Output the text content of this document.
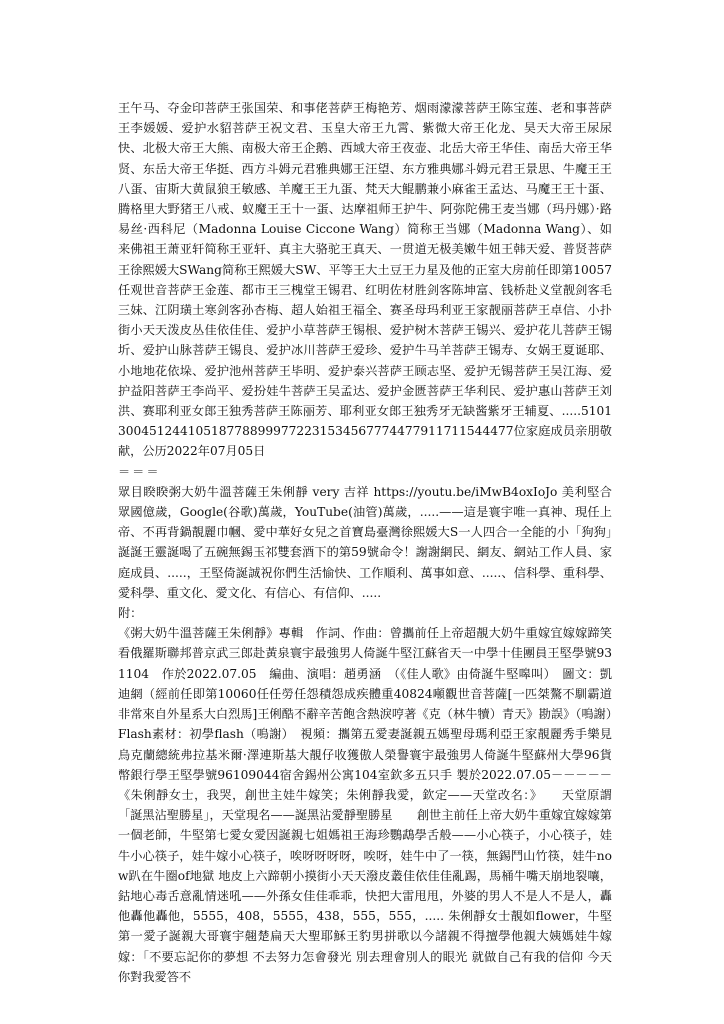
王午马、夺金印菩萨王张国荣、和事佬菩萨王梅艳芳、烟雨濛濛菩萨王陈宝莲、老和事菩萨王李媛媛、爱护水貂菩萨王祝文君、玉皇大帝王九霄、紫微大帝王化龙、昊天大帝王尿尿快、北极大帝王大熊、南极大帝王企鹅、西域大帝王夜壶、北岳大帝王华佳、南岳大帝王华贤、东岳大帝王华挺、西方斗姆元君雅典娜王汪望、东方雅典娜斗姆元君王景思、牛魔王王八蛋、宙斯大黄鼠狼王敏感、羊魔王王九蛋、梵天大鲲鹏兼小麻雀王孟达、马魔王王十蛋、腾格里大野猪王八戒、蚁魔王王十一蛋、达摩祖师王护牛、阿弥陀佛王麦当娜（玛丹娜）·路易丝·西科尼（Madonna Louise Ciccone Wang）简称王当娜（Madonna Wang）、如来佛祖王萧亚轩简称王亚轩、真主大骆驼王真天、一贯道无极美嫩牛妞王韩天爱、普贤菩萨王徐熙媛大SWang简称王熙媛大SW、平等王大土豆王力星及他的正室大房前任即第10057任观世音菩萨王金莲、都市王三槐堂王锡君、红明佐材胜剑客陈坤富、钱桥赴义堂靓剑客毛三妹、江阴璜土寒剑客孙杏梅、超人始祖王福全、赛圣母玛利亚王家靓丽菩萨王卓信、小扑街小天天泼皮丛佳依佳佳、爱护小草菩萨王锡根、爱护树木菩萨王锡兴、爱护花儿菩萨王锡圻、爱护山脉菩萨王锡良、爱护冰川菩萨王爱珍、爱护牛马羊菩萨王锡寿、女娲王夏诞耶、小地地花依垛、爱护池州菩萨王毕明、爱护泰兴菩萨王顾志坚、爱护无锡菩萨王吴江海、爱护益阳菩萨王李尚平、爱扮娃牛菩萨王吴孟达、爱护金匮菩萨王华利民、爱护惠山菩萨王刘洪、赛耶利亚女郎王独秀菩萨王陈丽芳、耶利亚女郎王独秀牙无缺酱紫牙王辅夏、.....5101300451244105187788999772231534567774477911711544477位家庭成员亲朋敬献，公历2022年07月05日

＝＝＝

眾目睽睽粥大奶牛溫菩薩王朱俐靜 very 吉祥 https://youtu.be/iMwB4oxIoJo 美利堅合眾國億歲，Google(谷歌)萬歲，YouTube(油管)萬歲，.....——這是寰宇唯一真神、現任上帝、不再背鍋靚麗巾幗、愛中華好女兒之首寶島臺灣徐熙媛大S一人四合一全能的小「狗狗」誕誕王靈誕喝了五碗無錫玉祁雙套酒下的第59號命令！謝謝網民、網友、網站工作人員、家庭成員、.....，王堅倚誕誠祝你們生活愉快、工作順利、萬事如意、.....、信科學、重科學、愛科學、重文化、愛文化、有信心、有信仰、.....

附：

《粥大奶牛溫菩薩王朱俐靜》專輯　作詞、作曲：曾攜前任上帝超靚大奶牛重嫁宜嫁嫁蹄笑看俄羅斯聯邦普京武三郎赴黃泉寰宇最強男人倚誕牛堅江蘇省天一中學十佳團員王堅學號931104　作於2022.07.05　編曲、演唱：趙勇涵　（《佳人歌》由倚誕牛堅嗥叫）　圖文：凱迪網（經前任即第10060任任勞任怨積怨成疾體重40824噸觀世音菩薩[一匹桀驁不馴霸道非常來自外星系大白烈馬]王俐酷不辭辛苦飽含熱淚哼著《克（林牛犢）青天》勘誤》（嗚謝）　Flash素材：初學flash（嗚謝）　視頻：攜第五愛妻誕親五媽聖母瑪利亞王家靚麗秀手樂見烏克蘭總統弗拉基米爾·澤連斯基大靚仔收獲傲人榮譽寰宇最強男人倚誕牛堅蘇州大學96貨幣銀行學王堅學號96109044宿舍錫州公寓104室欽多五只手 製於2022.07.05－－－－－《朱俐靜女士，我哭，創世主娃牛嫁笑；朱俐靜我愛，欽定——天堂改名：》　　天堂原謂「誕黑沾聖勝星」，天堂現名——誕黑沾愛靜聖勝星　　創世主前任上帝大奶牛重嫁宜嫁嫁第一個老師，牛堅第七愛女愛因誕親七姐媽祖王海珍鸚鵡學舌般——小心筷子，小心筷子，娃牛小心筷子，娃牛嫁小心筷子，唉呀呀呀呀，唉呀，娃牛中了一筷，無錫鬥山竹筷，娃牛now趴在牛圈of地獄 地皮上六蹄朝小摸街小天天潑皮叢佳依佳佳亂踢，馬桶牛嘴天崩地裂嚷，鈷地心毒舌意亂情迷吼——外孫女佳佳乖乖，快把大雷甩甩，外婆的男人不是人不是人，轟他轟他轟他，5555，408，5555，438，555，555，..... 朱俐靜女士靚如flower，牛堅第一愛子誕親大哥寰宇翹楚扁天大聖耶穌王豹男拼歌以今諸親不得擅學他親大姨媽娃牛嫁嫁：「不要忘記你的夢想 不去努力怎會發光 別去理會別人的眼光 就做自己有我的信仰 今天你對我愛答不
